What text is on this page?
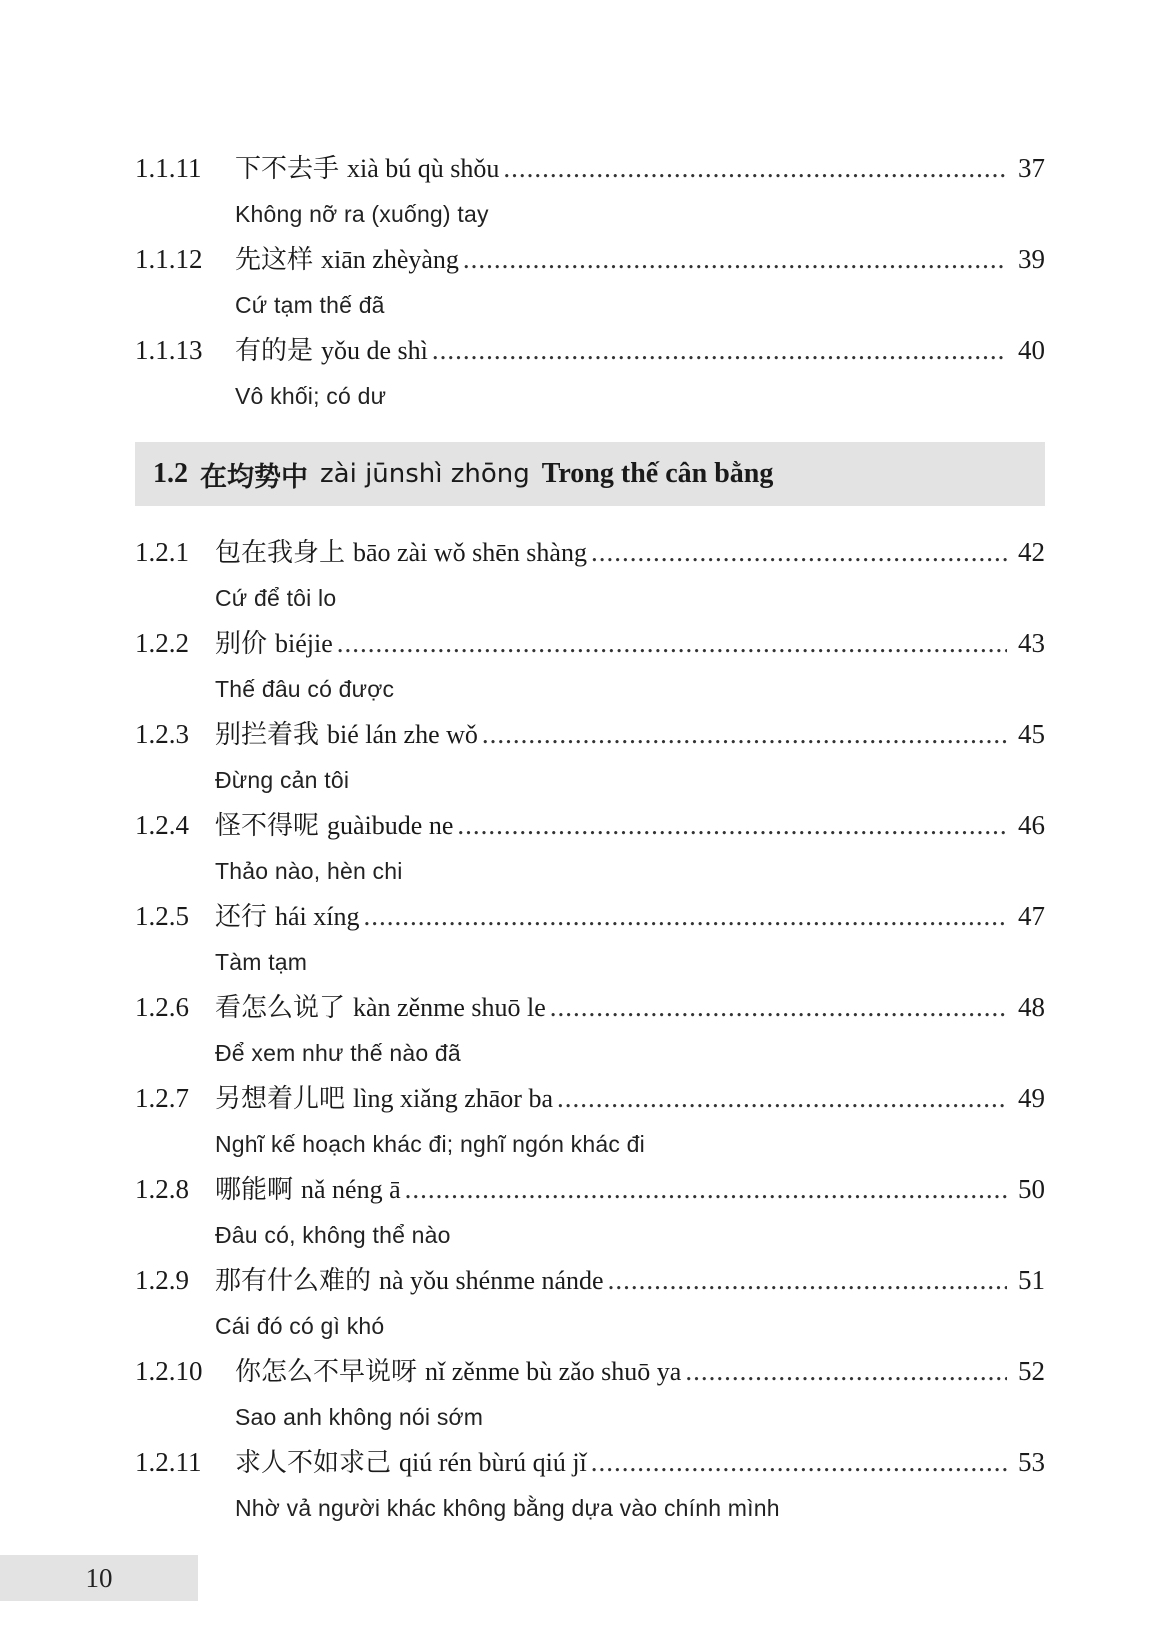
1.1.11	下不去手 xià bú qù shǒu .....	37
Không nỡ ra (xuống) tay
1.1.12	先这样 xiān zhèyàng .....	39
Cứ tạm thế đã
1.1.13	有的是 yǒu de shì .....	40
Vô khối; có dư
1.2 在均势中 zài jūnshì zhōng Trong thế cân bằng
1.2.1	包在我身上 bāo zài wǒ shēn shàng .....	42
Cứ để tôi lo
1.2.2	别价 biéjie .....	43
Thế đâu có được
1.2.3	别拦着我 bié lán zhe wǒ .....	45
Đừng cản tôi
1.2.4	怪不得呢 guàibude ne .....	46
Thảo nào, hèn chi
1.2.5	还行 hái xíng .....	47
Tàm tạm
1.2.6	看怎么说了 kàn zěnme shuō le .....	48
Để xem như thế nào đã
1.2.7	另想着儿吧 lìng xiǎng zhāor ba .....	49
Nghĩ kế hoạch khác đi; nghĩ ngón khác đi
1.2.8	哪能啊 nǎ néng ā .....	50
Đâu có, không thể nào
1.2.9	那有什么难的 nà yǒu shénme nánde .....	51
Cái đó có gì khó
1.2.10	你怎么不早说呀 nǐ zěnme bù zǎo shuō ya .....	52
Sao anh không nói sớm
1.2.11	求人不如求己 qiú rén bùrú qiú jǐ .....	53
Nhờ vả người khác không bằng dựa vào chính mình
10
